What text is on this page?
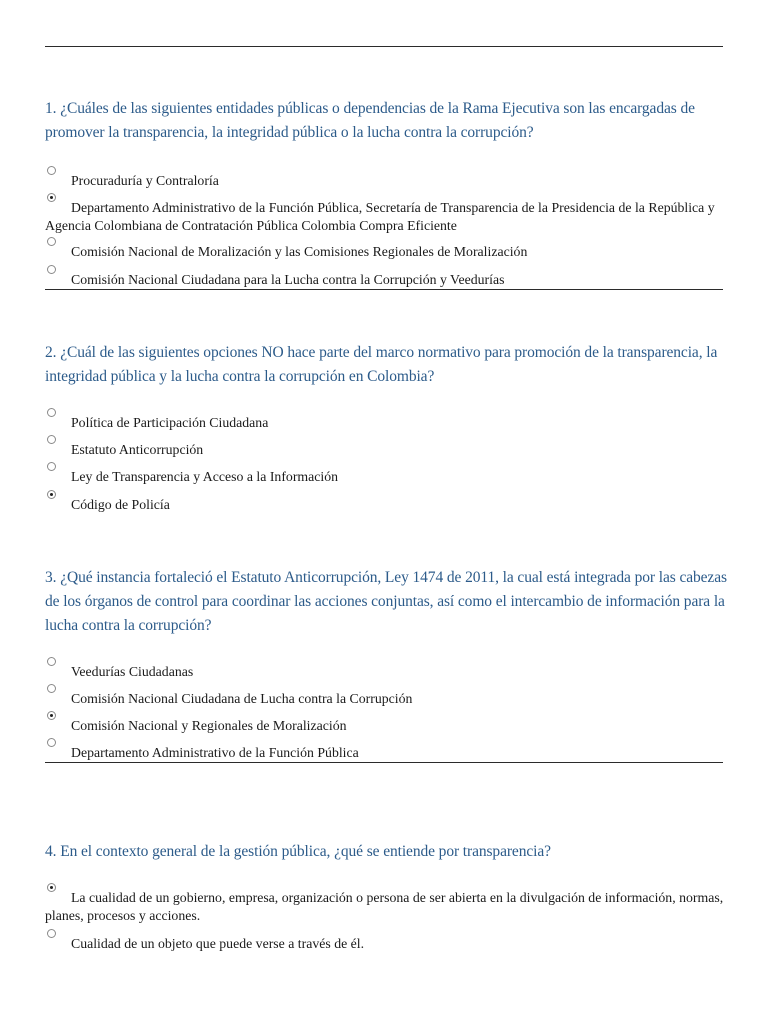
1. ¿Cuáles de las siguientes entidades públicas o dependencias de la Rama Ejecutiva son las encargadas de promover la transparencia, la integridad pública o la lucha contra la corrupción?
Procuraduría y Contraloría
Departamento Administrativo de la Función Pública, Secretaría de Transparencia de la Presidencia de la República y Agencia Colombiana de Contratación Pública Colombia Compra Eficiente
Comisión Nacional de Moralización y las Comisiones Regionales de Moralización
Comisión Nacional Ciudadana para la Lucha contra la Corrupción y Veedurías
2. ¿Cuál de las siguientes opciones NO hace parte del marco normativo para promoción de la transparencia, la integridad pública y la lucha contra la corrupción en Colombia?
Política de Participación Ciudadana
Estatuto Anticorrupción
Ley de Transparencia y Acceso a la Información
Código de Policía
3. ¿Qué instancia fortaleció el Estatuto Anticorrupción, Ley 1474 de 2011, la cual está integrada por las cabezas de los órganos de control para coordinar las acciones conjuntas, así como el intercambio de información para la lucha contra la corrupción?
Veedurías Ciudadanas
Comisión Nacional Ciudadana de Lucha contra la Corrupción
Comisión Nacional y Regionales de Moralización
Departamento Administrativo de la Función Pública
4. En el contexto general de la gestión pública, ¿qué se entiende por transparencia?
La cualidad de un gobierno, empresa, organización o persona de ser abierta en la divulgación de información, normas, planes, procesos y acciones.
Cualidad de un objeto que puede verse a través de él.
